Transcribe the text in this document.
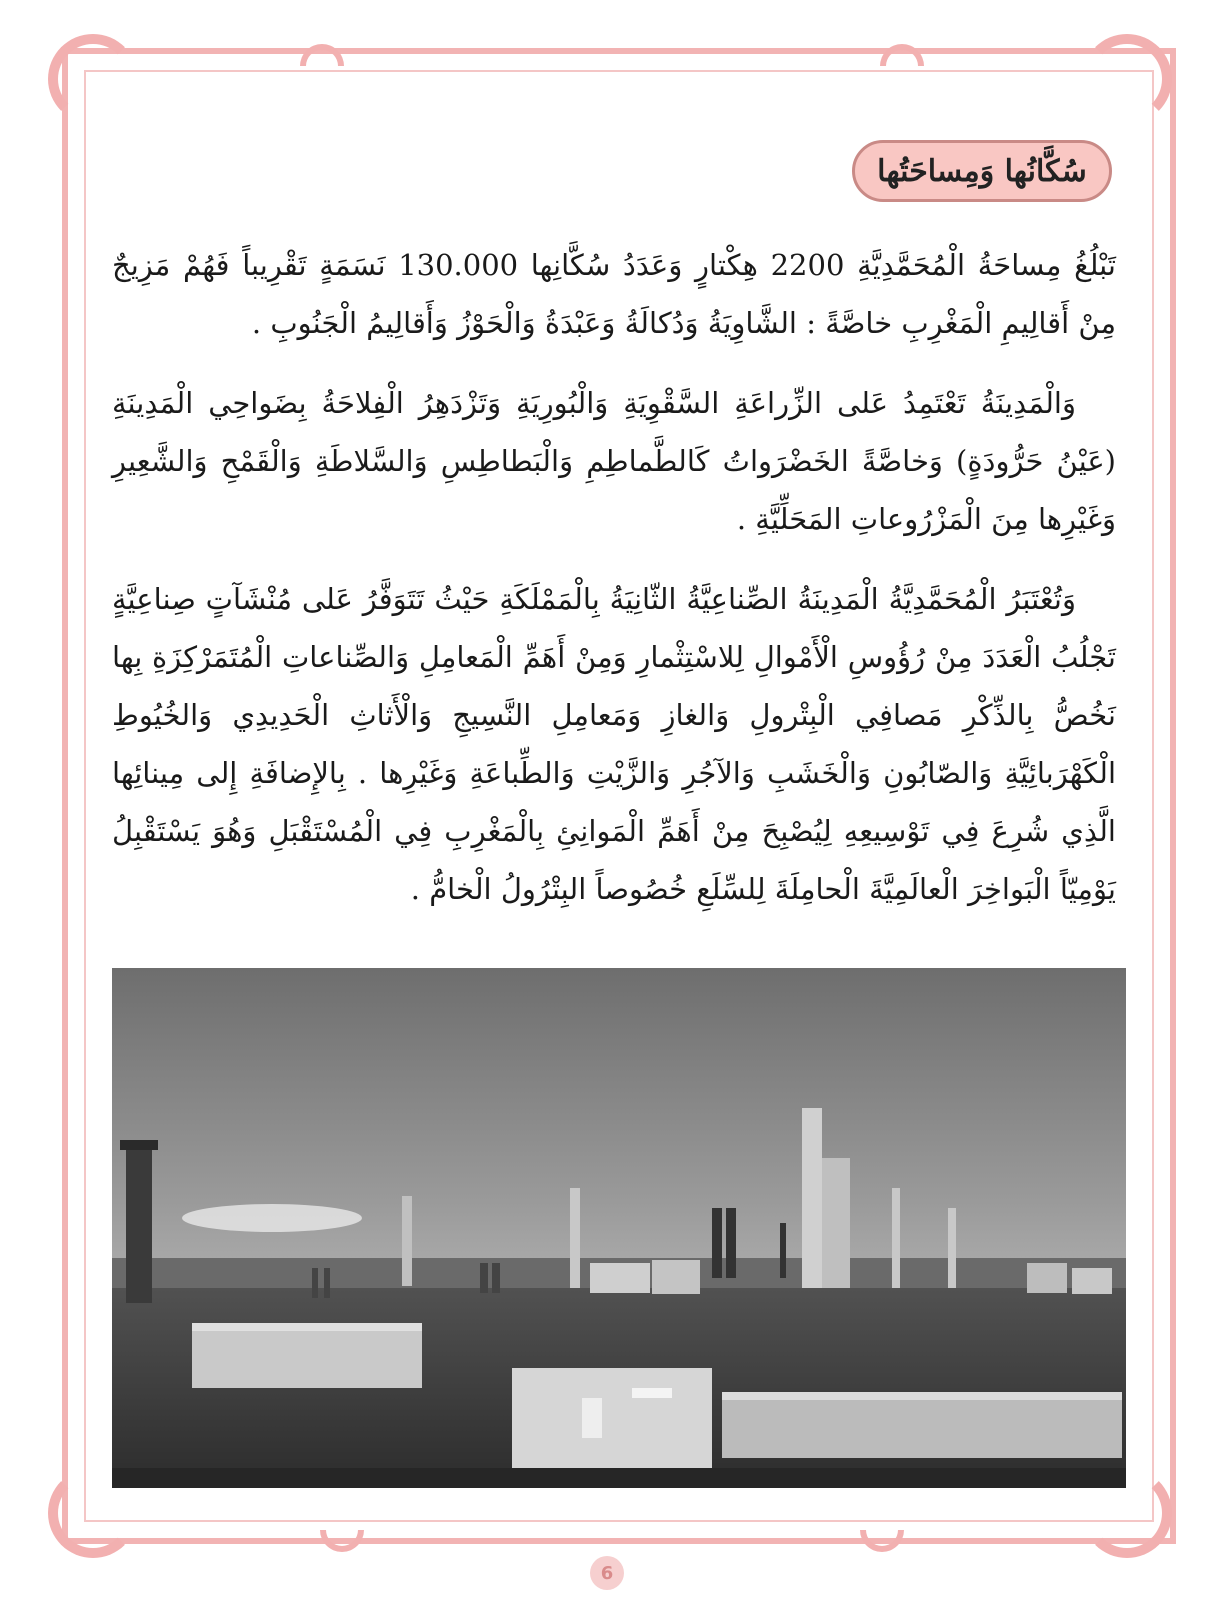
سُكَّانُها وَمِساحَتُها

تَبْلُغُ مِساحَةُ الْمُحَمَّدِيَّةِ 2200 هِكْتارٍ وَعَدَدُ سُكَّانِها 130.000 نَسَمَةٍ تَقْرِيباً فَهُمْ مَزِيجٌ مِنْ أَقالِيمِ الْمَغْرِبِ خاصَّةً : الشَّاوِيَةُ وَدُكالَةُ وَعَبْدَةُ وَالْحَوْزُ وَأَقالِيمُ الْجَنُوبِ .

وَالْمَدِينَةُ تَعْتَمِدُ عَلى الزِّراعَةِ السَّقْوِيَةِ وَالْبُورِيَةِ وَتَزْدَهِرُ الْفِلاحَةُ بِضَواحِي الْمَدِينَةِ (عَيْنُ حَرُّودَةٍ) وَخاصَّةً الخَضْرَواتُ كَالطَّماطِمِ وَالْبَطاطِسِ وَالسَّلاطَةِ وَالْقَمْحِ وَالشَّعِيرِ وَغَيْرِها مِنَ الْمَزْرُوعاتِ المَحَلِّيَّةِ .

وَتُعْتَبَرُ الْمُحَمَّدِيَّةُ الْمَدِينَةُ الصِّناعِيَّةُ الثّانِيَةُ بِالْمَمْلَكَةِ حَيْثُ تَتَوَفَّرُ عَلى مُنْشَآتٍ صِناعِيَّةٍ تَجْلُبُ الْعَدَدَ مِنْ رُؤُوسِ الْأَمْوالِ لِلاسْتِثْمارِ وَمِنْ أَهَمِّ الْمَعامِلِ وَالصِّناعاتِ الْمُتَمَرْكِزَةِ بِها نَخُصُّ بِالذِّكْرِ مَصافِي الْبِتْرولِ وَالغازِ وَمَعامِلِ النَّسِيجِ وَالْأَثاثِ الْحَدِيدِي وَالخُيُوطِ الْكَهْرَبائِيَّةِ وَالصّابُونِ وَالْخَشَبِ وَالآجُرِ وَالزَّيْتِ وَالطِّباعَةِ وَغَيْرِها . بِالإِضافَةِ إِلى مِينائِها الَّذِي شُرِعَ فِي تَوْسِيعِهِ لِيُصْبِحَ مِنْ أَهَمِّ الْمَوانِئِ بِالْمَغْرِبِ فِي الْمُسْتَقْبَلِ وَهُوَ يَسْتَقْبِلُ يَوْمِيّاً الْبَواخِرَ الْعالَمِيَّةَ الْحامِلَةَ لِلسِّلَعِ خُصُوصاً البِتْرُولُ الْخامُّ .

6
